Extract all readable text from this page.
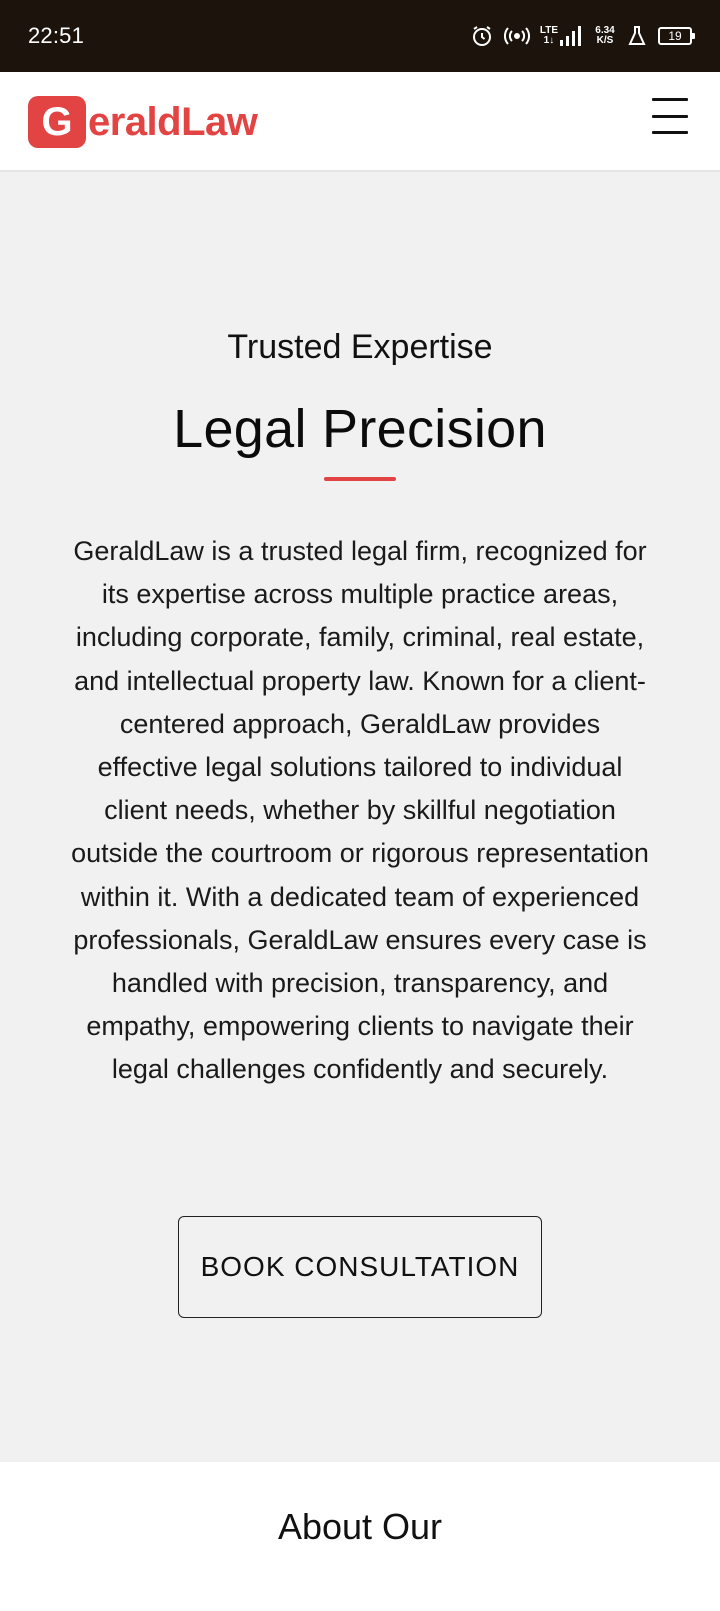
22:51	LTE
1↓
6.34
K/S	19
G eraldLaw
Trusted Expertise
Legal Precision

GeraldLaw is a trusted legal firm, recognized for its expertise across multiple practice areas, including corporate, family, criminal, real estate, and intellectual property law. Known for a client-centered approach, GeraldLaw provides effective legal solutions tailored to individual client needs, whether by skillful negotiation outside the courtroom or rigorous representation within it. With a dedicated team of experienced professionals, GeraldLaw ensures every case is handled with precision, transparency, and empathy, empowering clients to navigate their legal challenges confidently and securely.

BOOK CONSULTATION
About Our
